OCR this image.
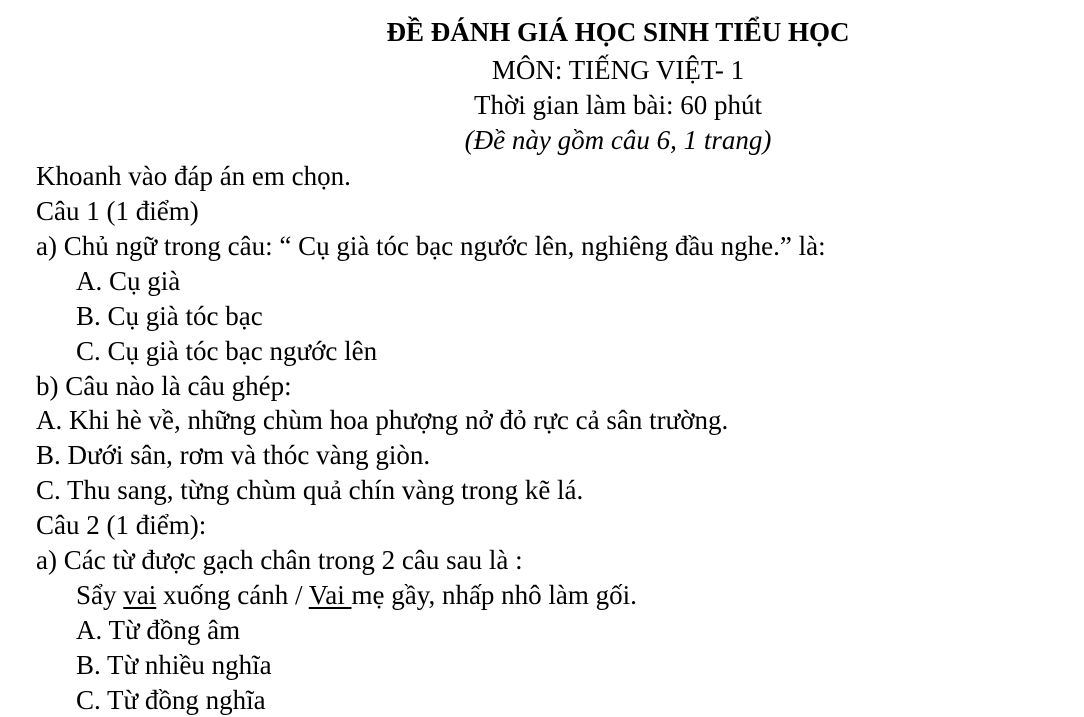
ĐỀ ĐÁNH GIÁ HỌC SINH TIỂU HỌC
MÔN: TIẾNG VIỆT- 1
Thời gian làm bài: 60 phút
(Đề này gồm câu 6, 1 trang)
Khoanh vào đáp án em chọn.
Câu 1 (1 điểm)
a) Chủ ngữ trong câu: “ Cụ già tóc bạc ngước lên, nghiêng đầu nghe.” là:
A. Cụ già
B. Cụ già tóc bạc
C. Cụ già tóc bạc ngước lên
b) Câu nào là câu ghép:
A. Khi hè về, những chùm hoa phượng nở đỏ rực cả sân trường.
B. Dưới sân, rơm và thóc vàng giòn.
C. Thu sang, từng chùm quả chín vàng trong kẽ lá.
Câu 2 (1 điểm):
a) Các từ được gạch chân trong 2 câu sau là :
Sẩy vai xuống cánh / Vai mẹ gầy, nhấp nhô làm gối.
A. Từ đồng âm
B. Từ nhiều nghĩa
C. Từ đồng nghĩa
